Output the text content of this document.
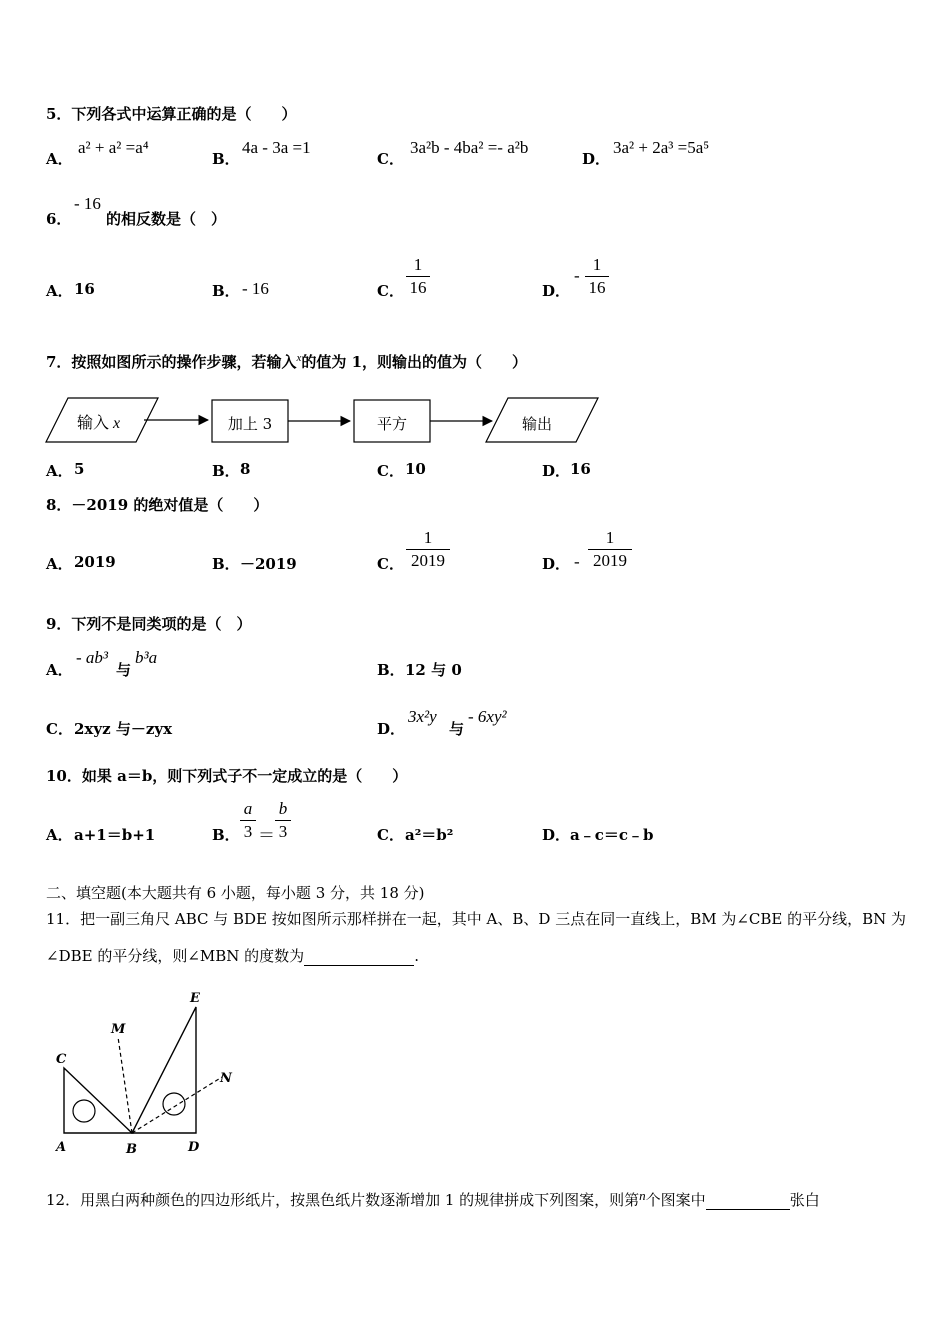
5．下列各式中运算正确的是（　　）
A．
a² + a² =a⁴
B．
4a - 3a =1
C．
3a²b - 4ba² =- a²b
D．
3a² + 2a³ =5a⁵
6．
- 16
的相反数是（　）
A． 16	B． - 16	C． $\frac{1}{16}$	D．
- $\frac{1}{16}$
7．按照如图所示的操作步骤，若输入$^x$的值为 1，则输出的值为（　　）
输入 x	加上 3	平方	输出
A． 5	B． 8	C． 10	D． 16
8．－2019 的绝对值是（　　）
A． 2019	B． －2019	C． $\frac{1}{2019}$	D． - $\frac{1}{2019}$
9．下列不是同类项的是（　）
A．
- ab³
与
b³a
B． 12 与 0
C． 2xyz 与－zyx	D．
3x²y
与
- 6xy²
10．如果 a＝b，则下列式子不一定成立的是（　　）
A． a+1＝b+1	B． $\frac{a}{3} = \frac{b}{3}$	C． a²＝b²	D． a﹣c＝c﹣b
二、填空题(本大题共有 6 小题，每小题 3 分，共 18 分)
11．把一副三角尺 ABC 与 BDE 按如图所示那样拼在一起，其中 A、B、D 三点在同一直线上，BM 为∠CBE 的平分线，BN 为
∠DBE 的平分线，则∠MBN 的度数为	.
C
A	B	D
E
M
N
12．用黑白两种颜色的四边形纸片，按黑色纸片数逐渐增加 1 的规律拼成下列图案，则第n个图案中	张白
